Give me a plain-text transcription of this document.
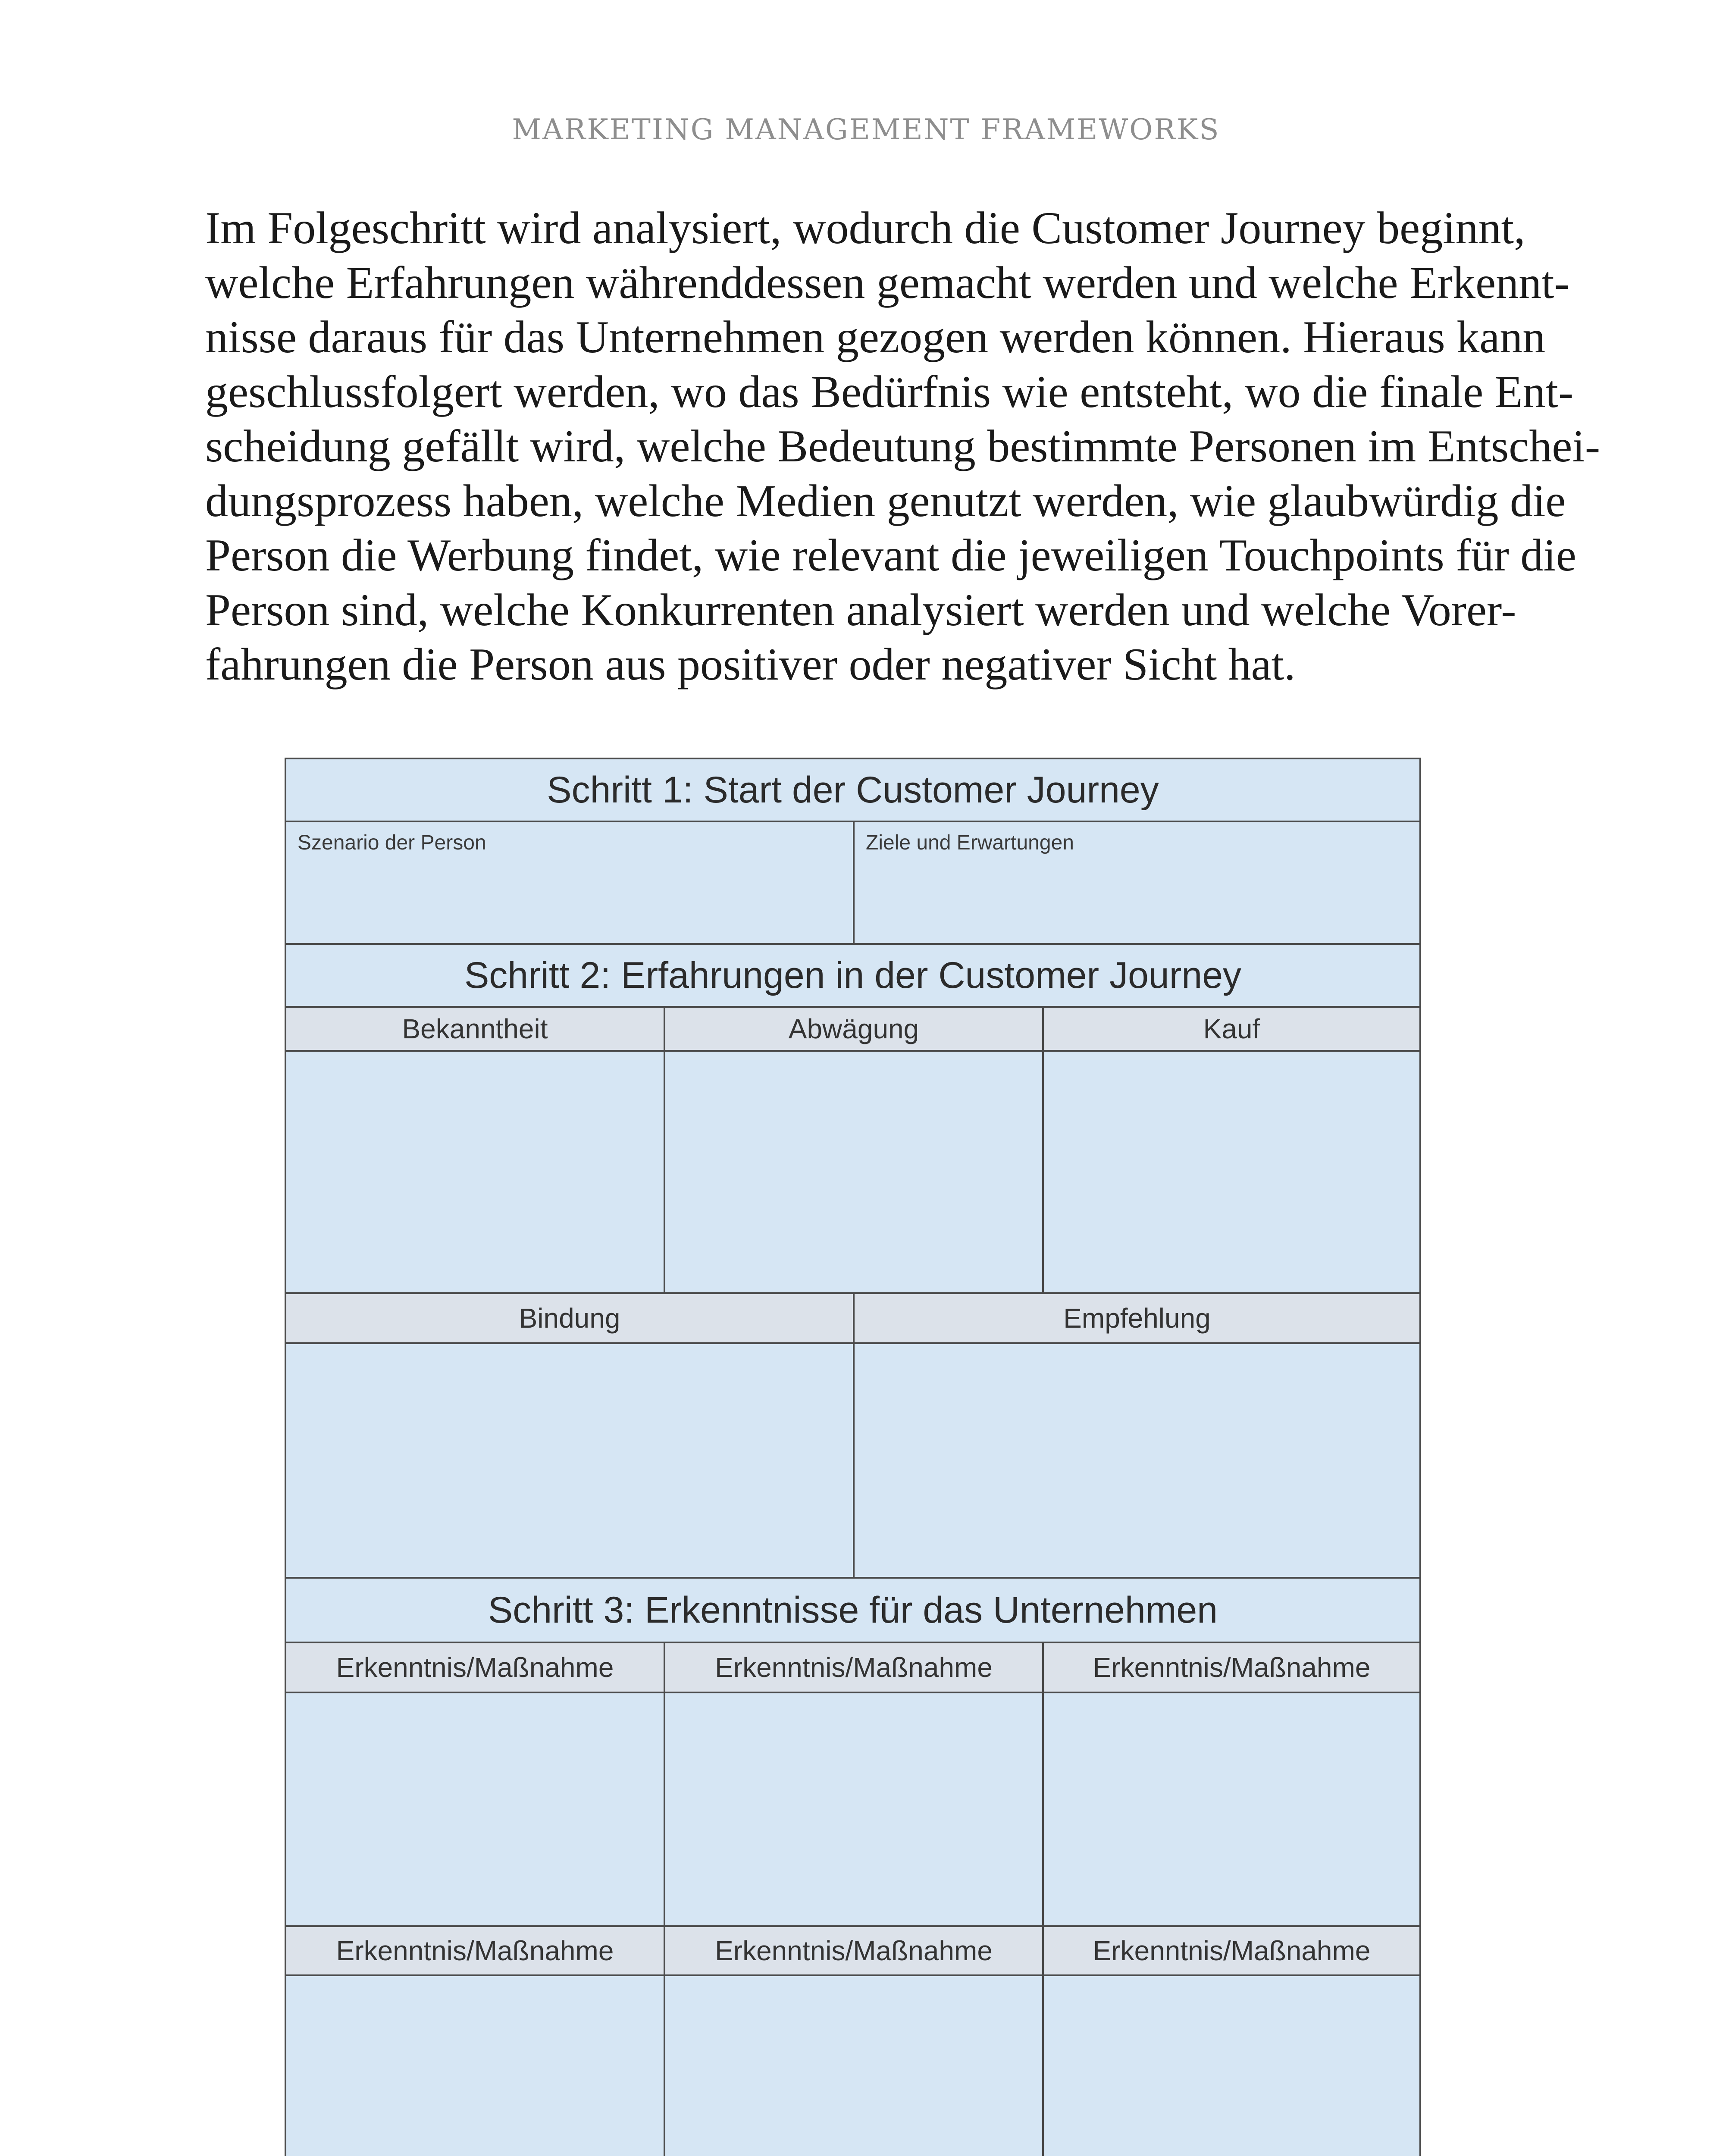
MARKETING MANAGEMENT FRAMEWORKS
Im Folgeschritt wird analysiert, wodurch die Customer Journey beginnt,
welche Erfahrungen währenddessen gemacht werden und welche Erkennt-
nisse daraus für das Unternehmen gezogen werden können. Hieraus kann
geschlussfolgert werden, wo das Bedürfnis wie entsteht, wo die finale Ent-
scheidung gefällt wird, welche Bedeutung bestimmte Personen im Entschei-
dungsprozess haben, welche Medien genutzt werden, wie glaubwürdig die
Person die Werbung findet, wie relevant die jeweiligen Touchpoints für die
Person sind, welche Konkurrenten analysiert werden und welche Vorer-
fahrungen die Person aus positiver oder negativer Sicht hat.
Schritt 1: Start der Customer Journey
Szenario der Person	Ziele und Erwartungen
Schritt 2: Erfahrungen in der Customer Journey
Bekanntheit	Abwägung	Kauf
Bindung	Empfehlung
Schritt 3: Erkenntnisse für das Unternehmen
Erkenntnis/Maßnahme	Erkenntnis/Maßnahme	Erkenntnis/Maßnahme
Erkenntnis/Maßnahme	Erkenntnis/Maßnahme	Erkenntnis/Maßnahme
